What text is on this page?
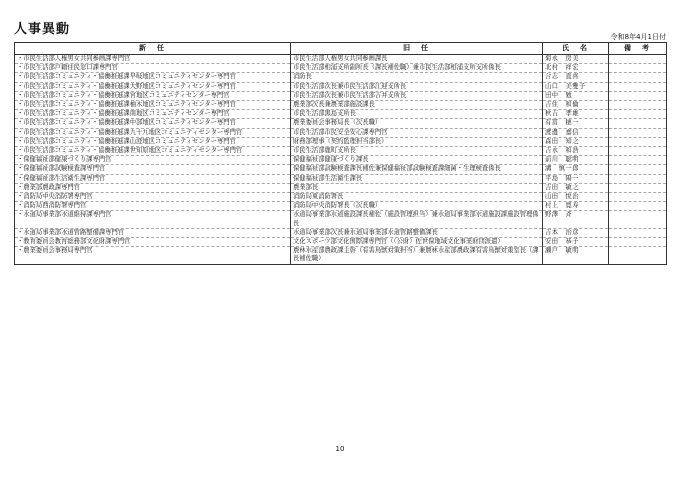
人事異動	令和8年4月1日付
新　任	旧　任	氏　名	備　考
・市民生活部人権男女共同参画課専門官	市民生活部人権男女共同参画課長	菊永　房美	
・市民生活部戸籍住民窓口課専門官	市民生活部相浦支所副所長（課長補佐職）兼市民生活部相浦支所支所係長	北村　祥宏	
・市民生活部コミュニティ・協働推進課早岐地区コミュニティセンター専門官	消防長	合志　直喜	
・市民生活部コミュニティ・協働推進課大野地区コミュニティセンター専門官	市民生活部次長兼市民生活部江迎支所長	山口　美雙子	
・市民生活部コミュニティ・協働推進課宮地区コミュニティセンター専門官	市民生活部次長兼市民生活部吉井支所長	田中　勉	
・市民生活部コミュニティ・協働推進課柚木地区コミュニティセンター専門官	農業部次長兼農業部施設課長	吉住　和倫	
・市民生活部コミュニティ・協働推進課南地区コミュニティセンター専門官	市民生活部黒島支所長	秋吉　孝雄	
・市民生活部コミュニティ・協働推進課中部地区コミュニティセンター専門官	農業委員会事務局長（次長職）	有冨　穂一	
・市民生活部コミュニティ・協働推進課九十九地区コミュニティセンター専門官	市民生活部市民安全安心課専門官	渡邊　嘉信	
・市民生活部コミュニティ・協働推進課山澄地区コミュニティセンター専門官	財務部理事（契約監理担当部長）	森田　知之	
・市民生活部コミュニティ・協働推進課世知原地区コミュニティセンター専門官	市民生活部鹿町支所長	吉永　和浩	
・保健福祉部健康づくり課専門官	保健福祉部健康づくり課長	前川　聡明	
・保健福祉部試験検査課専門官	保健福祉部試験検査課長補佐兼保健福祉部試験検査課細菌・生理検査係長	溝　慎一郎	
・保健福祉部生活衛生課専門官	保健福祉部生活衛生課長	平島　陽一	
・農業部農政課専門官	農業部長	吉田　敏之	
・消防局中央消防署専門官	消防局東消防署長	山田　悦治	
・消防局西消防署専門官	消防局中央消防署長（次長職）	村上　寛寿	
・水道局事業部水道維持課専門官	水道局事業部水道施設課長補佐（施設管理担当）兼水道局事業部水道施設課施設管理係長	野澤　斉	
・水道局事業部水道管路整備課専門官	水道局事業部次長兼水道局事業部水道管路整備課長	吉本　治彦	
・教育委員会教育総務部文化財課専門官	文化スポーツ部文化国際課専門官（（公財）佐世保地域文化事業財団派遣）	安田　恭子	
・農業委員会事務局専門官	農林水産部農政課主幹（有害鳥獣対策担当）兼農林水産部農政課有害鳥獣対策室長（課長補佐職）	瀬戸　敏明	
10
